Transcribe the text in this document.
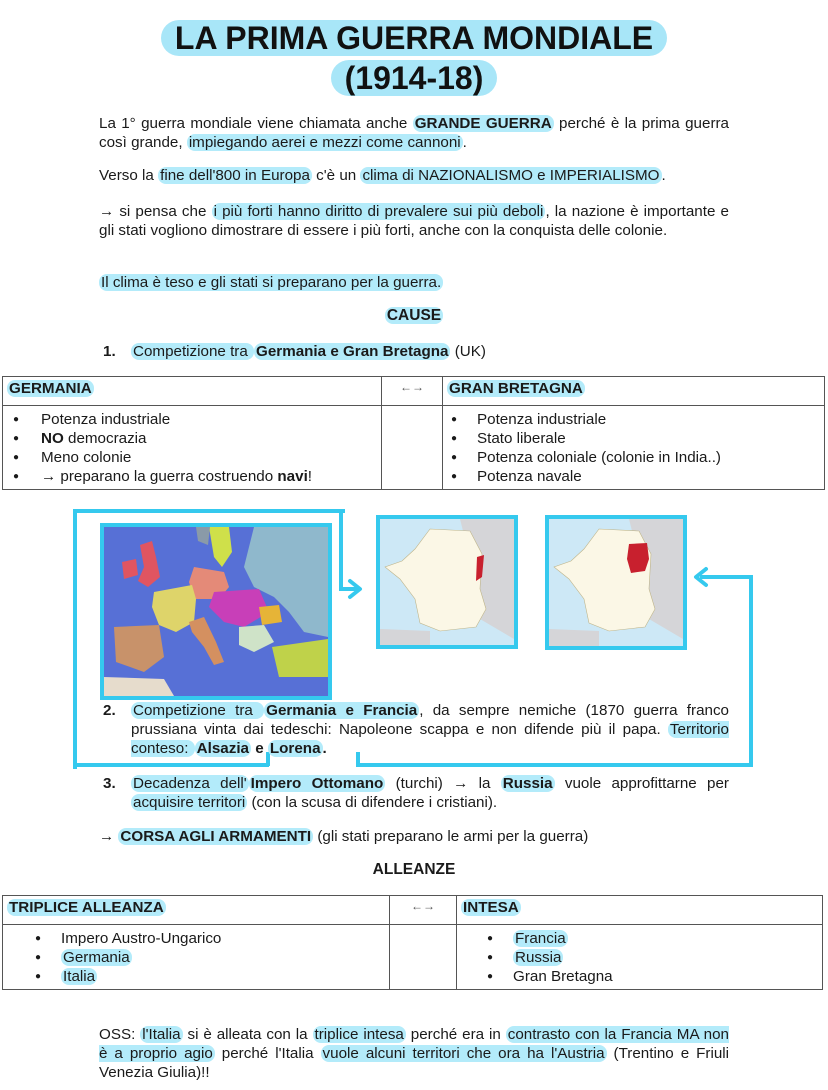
LA PRIMA GUERRA MONDIALE
(1914-18)
La 1° guerra mondiale viene chiamata anche GRANDE GUERRA perché è la prima guerra così grande, impiegando aerei e mezzi come cannoni .
Verso la fine dell'800 in Europa c'è un clima di NAZIONALISMO e IMPERIALISMO .
→ si pensa che i più forti hanno diritto di prevalere sui più deboli , la nazione è importante e gli stati vogliono dimostrare di essere i più forti, anche con la conquista delle colonie.
Il clima è teso e gli stati si preparano per la guerra.
CAUSE
1. Competizione tra Germania e Gran Bretagna (UK)
GERMANIA	←→	GRAN BRETAGNA

● Potenza industriale
● NO democrazia
● Meno colonie
● → preparano la guerra costruendo navi!

● Potenza industriale
● Stato liberale
● Potenza coloniale (colonie in India..)
● Potenza navale
2. Competizione tra Germania e Francia , da sempre nemiche (1870 guerra franco prussiana vinta dai tedeschi: Napoleone scappa e non difende più il papa. Territorio conteso: Alsazia e Lorena .
3. Decadenza dell' Impero Ottomano (turchi) → la Russia vuole approfittarne per acquisire territori (con la scusa di difendere i cristiani).
→ CORSA AGLI ARMAMENTI (gli stati preparano le armi per la guerra)
ALLEANZE
TRIPLICE ALLEANZA	←→	INTESA

● Impero Austro-Ungarico
● Germania
● Italia

● Francia
● Russia
● Gran Bretagna
OSS: l'Italia si è alleata con la triplice intesa perché era in contrasto con la Francia MA non è a proprio agio perché l'Italia vuole alcuni territori che ora ha l'Austria (Trentino e Friuli Venezia Giulia)!!
